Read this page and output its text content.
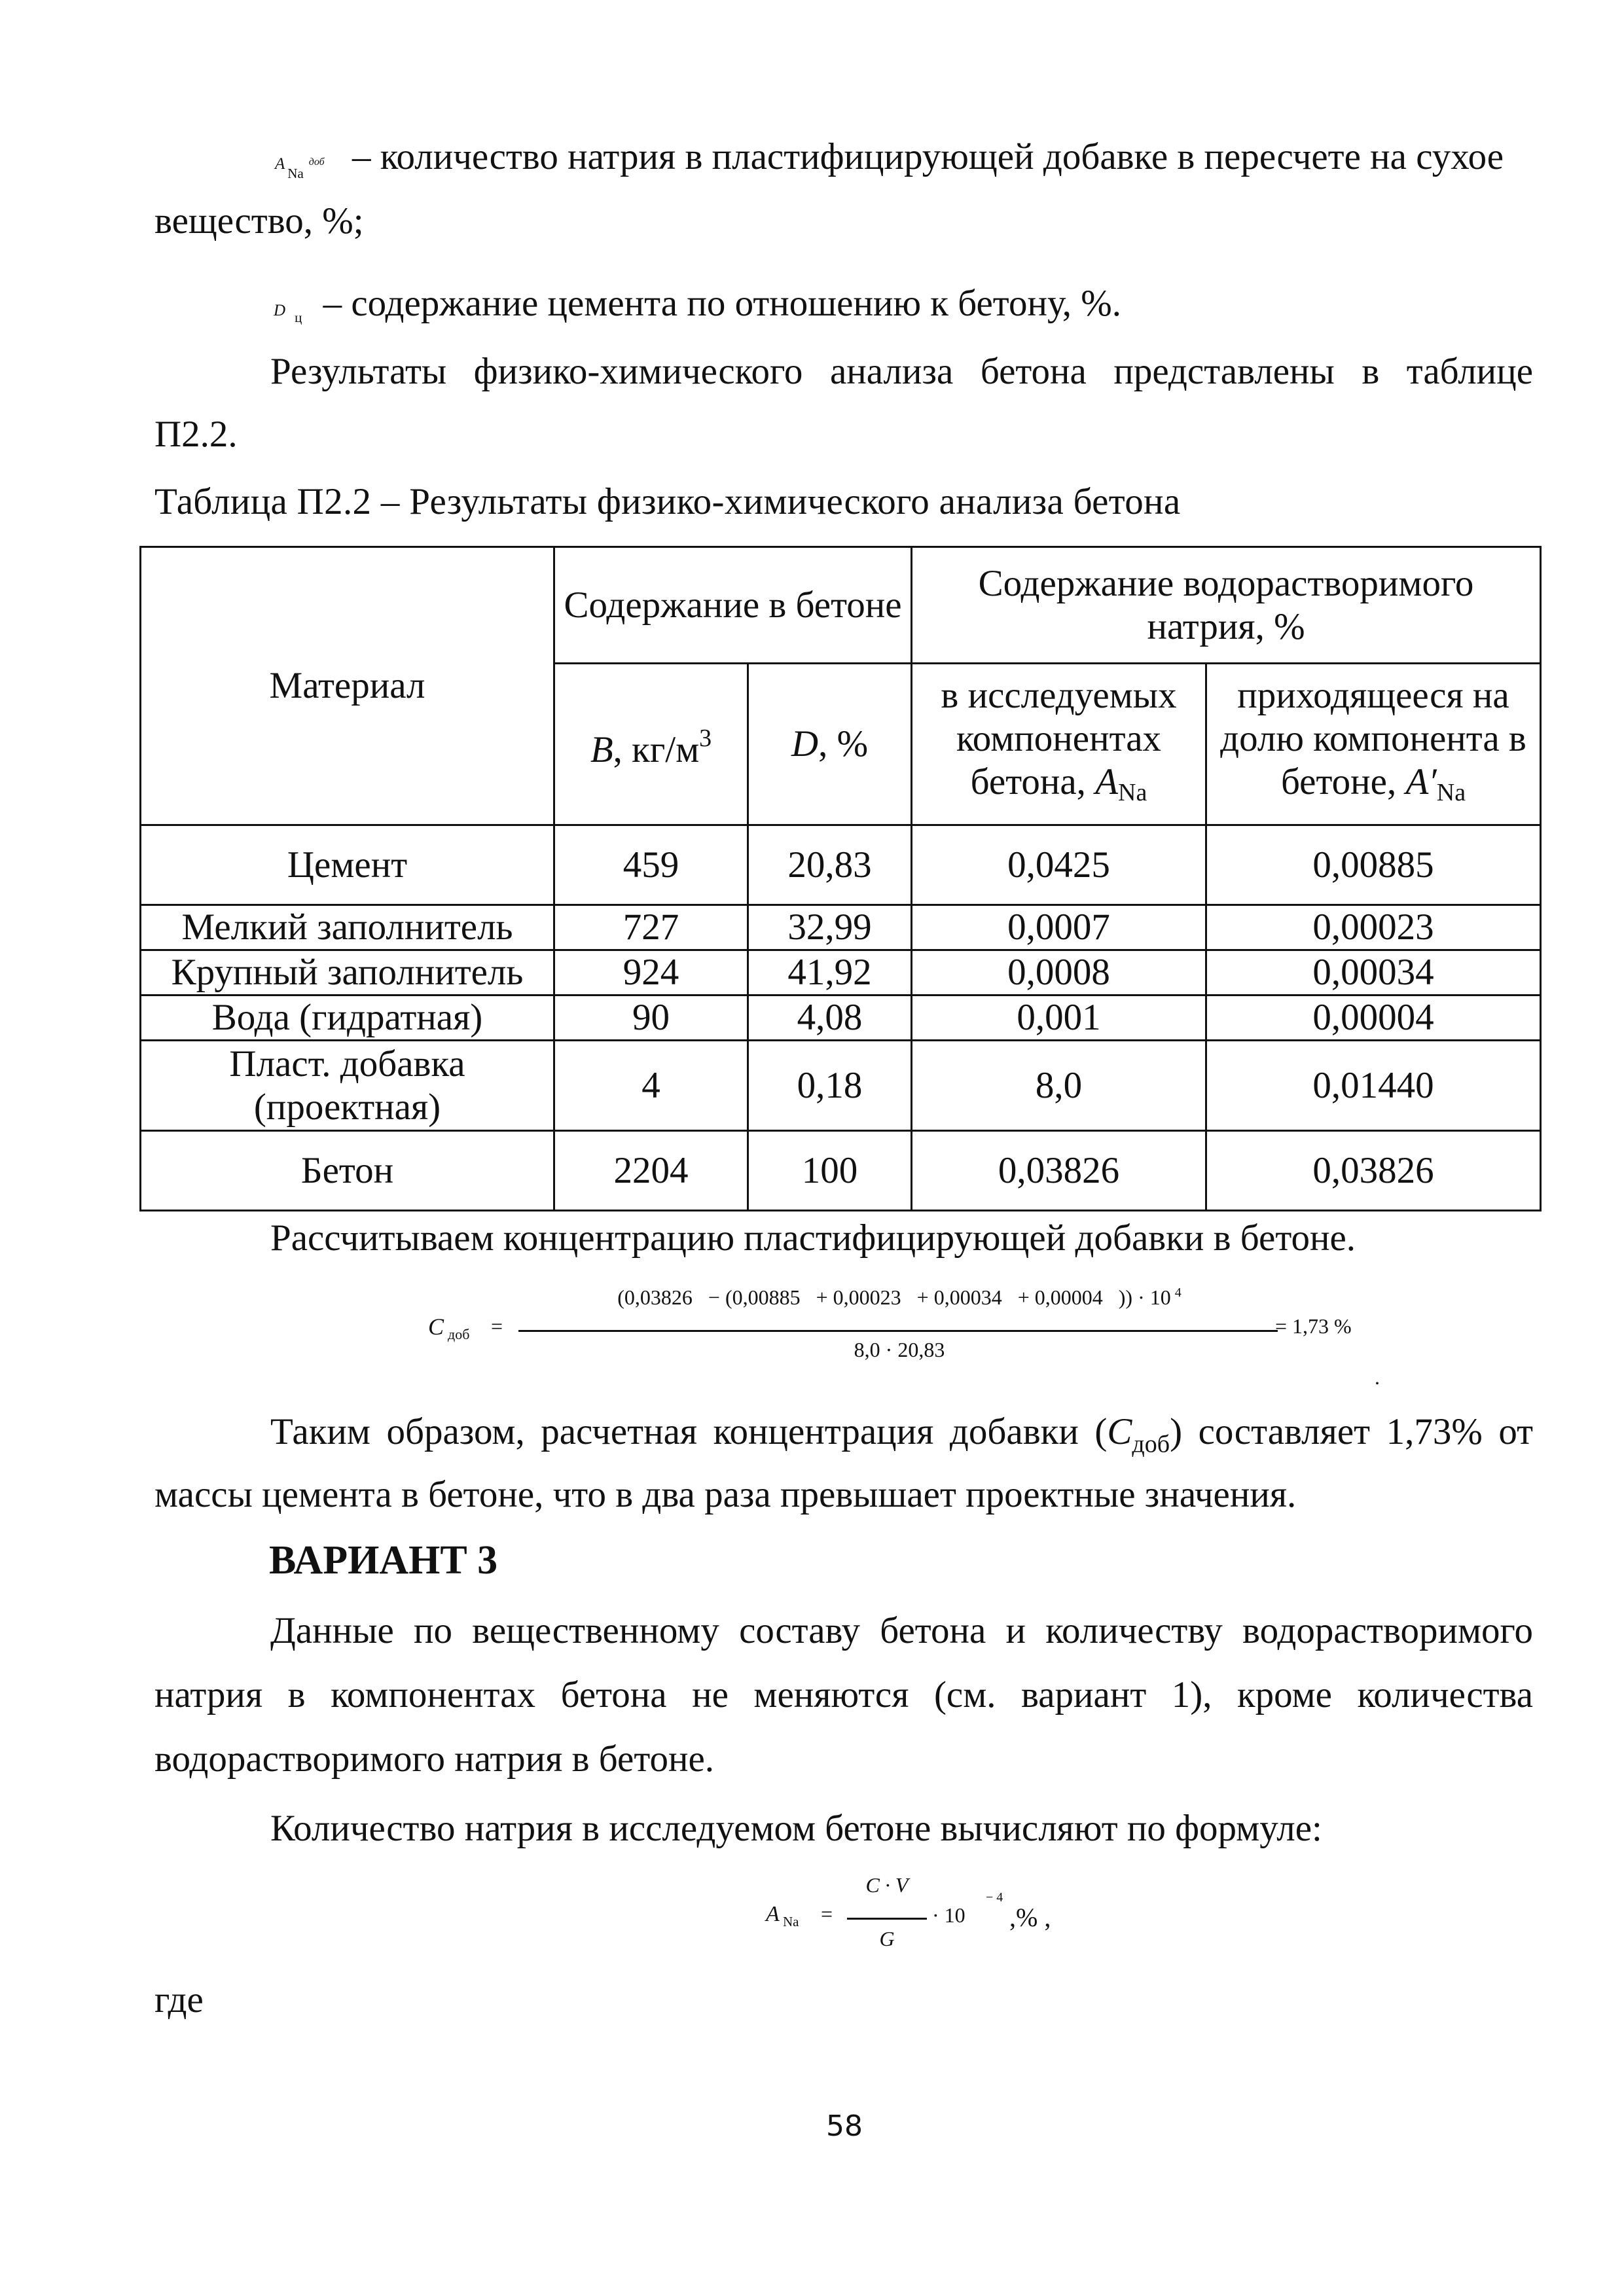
$A_{Na}доб$ – количество натрия в пластифицирующей добавке в пересчете на сухое
вещество, %;
D ц – содержание цемента по отношению к бетону, %.
Результаты физико-химического анализа бетона представлены в таблице
П2.2.
Таблица П2.2 – Результаты физико-химического анализа бетона
Материал	Содержание в бетоне		Содержание водорастворимого натрия, %	
	B, $кг/м^3$	D, %	в исследуемых компонентах бетона, $A_{Na}$	приходящееся на долю компонента в бетоне, $A'_{Na}$
Цемент	459	20,83	0,0425	0,00885
Мелкий заполнитель	727	32,99	0,0007	0,00023
Крупный заполнитель	924	41,92	0,0008	0,00034
Вода (гидратная)	90	4,08	0,001	0,00004
Пласт. добавка (проектная)	4	0,18	8,0	0,01440
Бетон	2204	100	0,03826	0,03826
Рассчитываем концентрацию пластифицирующей добавки в бетоне.
C доб =
(0,03826   − (0,00885   + 0,00023   + 0,00034   + 0,00004   )) · 10 $^4$
8,0 · 20,83
= 1,73 %
.
Таким образом, расчетная концентрация добавки $(C_{доб})$ составляет 1,73% от
массы цемента в бетоне, что в два раза превышает проектные значения.
ВАРИАНТ 3
Данные по вещественному составу бетона и количеству водорастворимого
натрия в компонентах бетона не меняются (см. вариант 1), кроме количества
водорастворимого натрия в бетоне.
Количество натрия в исследуемом бетоне вычисляют по формуле:
A Na =
C · V
G
· 10
− 4
,% ,
где
58
